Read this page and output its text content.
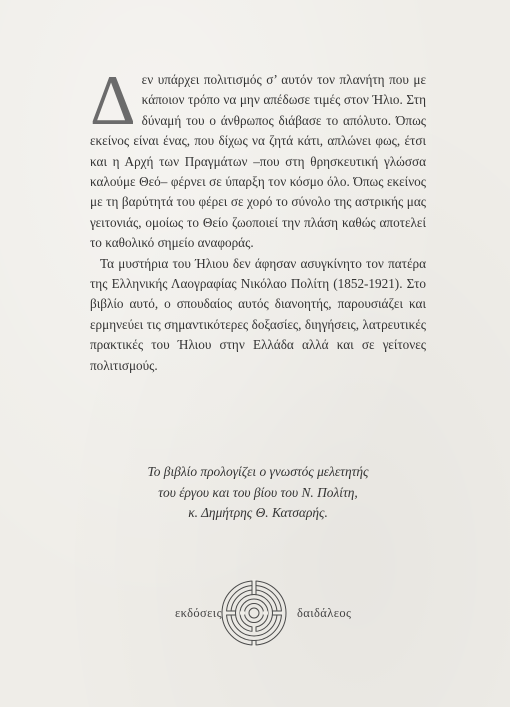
Δεν υπάρχει πολιτισμός σ’ αυτόν τον πλανήτη που με κάποιον τρόπο να μην απέδωσε τιμές στον Ήλιο. Στη δύναμή του ο άνθρωπος διάβασε το απόλυτο. Όπως εκείνος είναι ένας, που δίχως να ζητά κάτι, απλώνει φως, έτσι και η Αρχή των Πραγμάτων –που στη θρησκευτική γλώσσα καλούμε Θεό– φέρνει σε ύπαρξη τον κόσμο όλο. Όπως εκείνος με τη βαρύτητά του φέρει σε χορό το σύνολο της αστρικής μας γειτονιάς, ομοίως το Θείο ζωοποιεί την πλάση καθώς αποτελεί το καθολικό σημείο αναφοράς.

Τα μυστήρια του Ήλιου δεν άφησαν ασυγκίνητο τον πατέρα της Ελληνικής Λαογραφίας Νικόλαο Πολίτη (1852-1921). Στο βιβλίο αυτό, ο σπουδαίος αυτός διανοητής, παρουσιάζει και ερμηνεύει τις σημαντικότερες δοξασίες, διηγήσεις, λατρευτικές πρακτικές του Ήλιου στην Ελλάδα αλλά και σε γείτονες πολιτισμούς.

Το βιβλίο προλογίζει ο γνωστός μελετητής
του έργου και του βίου του Ν. Πολίτη,
κ. Δημήτρης Θ. Κατσαρής.
εκδόσεις	δαιδάλεος
